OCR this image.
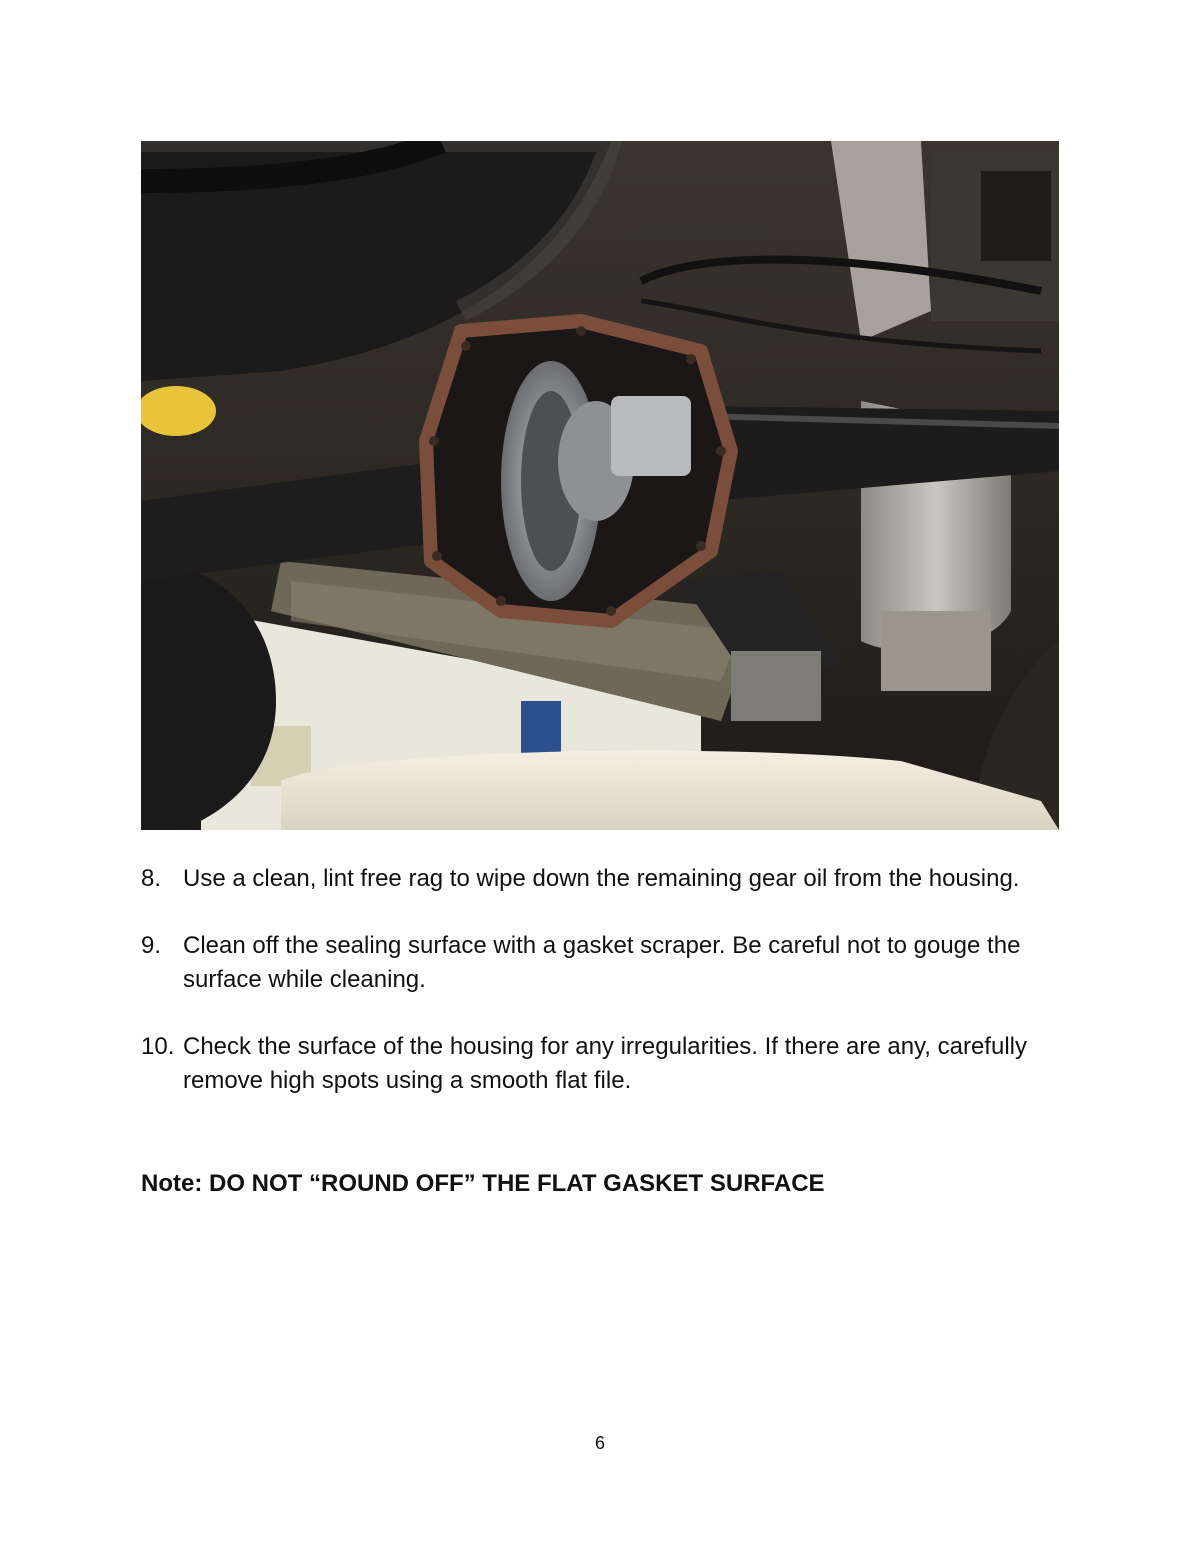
8. Use a clean, lint free rag to wipe down the remaining gear oil from the housing.
9. Clean off the sealing surface with a gasket scraper. Be careful not to gouge the surface while cleaning.
10. Check the surface of the housing for any irregularities. If there are any, carefully remove high spots using a smooth flat file.

Note: DO NOT “ROUND OFF” THE FLAT GASKET SURFACE

6
